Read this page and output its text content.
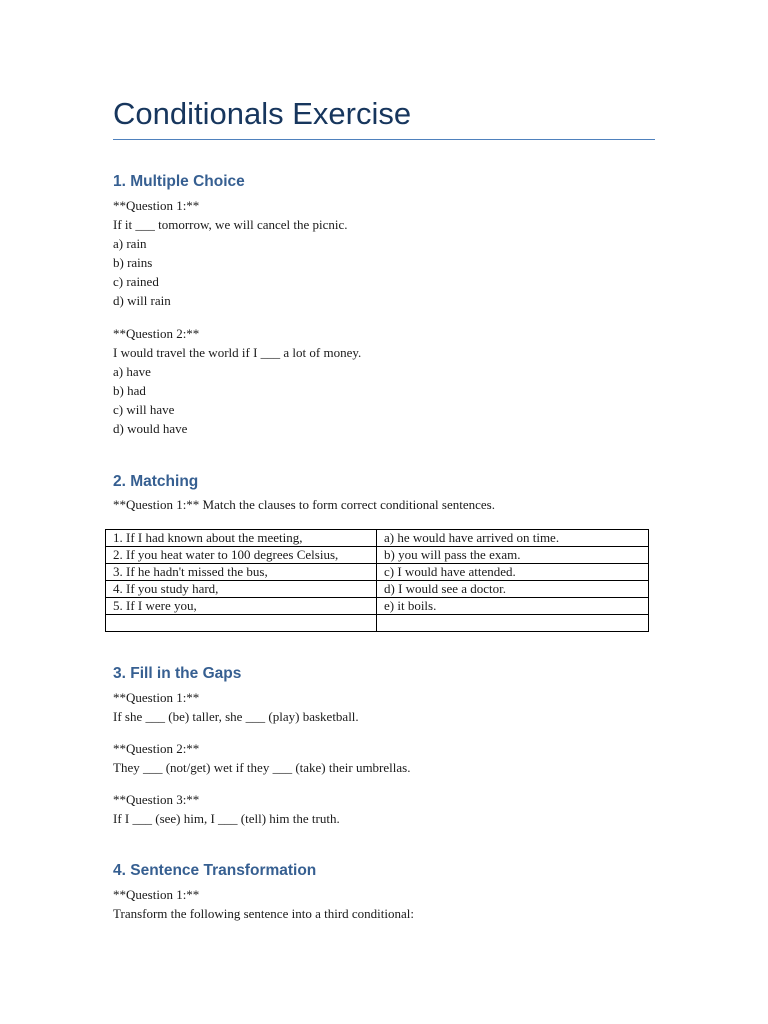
Conditionals Exercise
1. Multiple Choice
**Question 1:**
If it ___ tomorrow, we will cancel the picnic.
a) rain
b) rains
c) rained
d) will rain
**Question 2:**
I would travel the world if I ___ a lot of money.
a) have
b) had
c) will have
d) would have
2. Matching
**Question 1:** Match the clauses to form correct conditional sentences.
1. If I had known about the meeting,	a) he would have arrived on time.
2. If you heat water to 100 degrees Celsius,	b) you will pass the exam.
3. If he hadn't missed the bus,	c) I would have attended.
4. If you study hard,	d) I would see a doctor.
5. If I were you,	e) it boils.

3. Fill in the Gaps
**Question 1:**
If she ___ (be) taller, she ___ (play) basketball.
**Question 2:**
They ___ (not/get) wet if they ___ (take) their umbrellas.
**Question 3:**
If I ___ (see) him, I ___ (tell) him the truth.
4. Sentence Transformation
**Question 1:**
Transform the following sentence into a third conditional:
